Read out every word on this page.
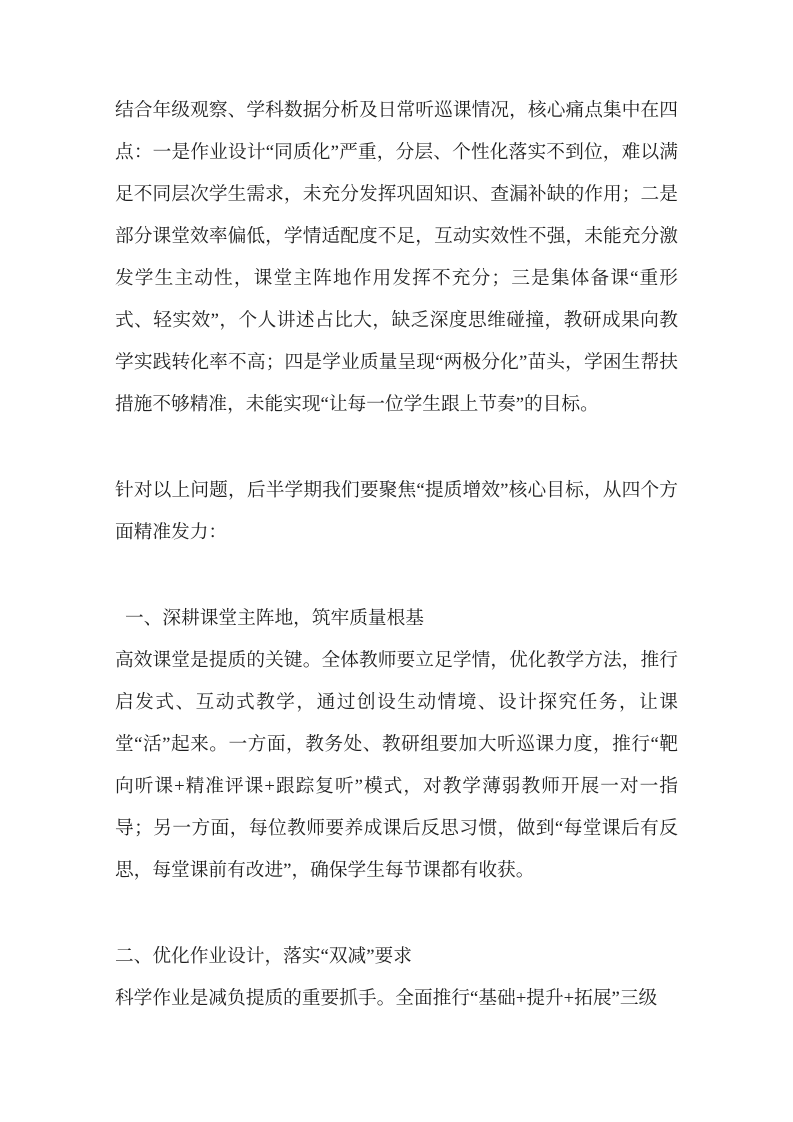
结合年级观察、学科数据分析及日常听巡课情况，核心痛点集中在四点：一是作业设计“同质化”严重，分层、个性化落实不到位，难以满足不同层次学生需求，未充分发挥巩固知识、查漏补缺的作用；二是部分课堂效率偏低，学情适配度不足，互动实效性不强，未能充分激发学生主动性，课堂主阵地作用发挥不充分；三是集体备课“重形式、轻实效”，个人讲述占比大，缺乏深度思维碰撞，教研成果向教学实践转化率不高；四是学业质量呈现“两极分化”苗头，学困生帮扶措施不够精准，未能实现“让每一位学生跟上节奏”的目标。

针对以上问题，后半学期我们要聚焦“提质增效”核心目标，从四个方面精准发力：

一、深耕课堂主阵地，筑牢质量根基

高效课堂是提质的关键。全体教师要立足学情，优化教学方法，推行启发式、互动式教学，通过创设生动情境、设计探究任务，让课堂“活”起来。一方面，教务处、教研组要加大听巡课力度，推行“靶向听课+精准评课+跟踪复听”模式，对教学薄弱教师开展一对一指导；另一方面，每位教师要养成课后反思习惯，做到“每堂课后有反思，每堂课前有改进”，确保学生每节课都有收获。

二、优化作业设计，落实“双减”要求

科学作业是减负提质的重要抓手。全面推行“基础+提升+拓展”三级
